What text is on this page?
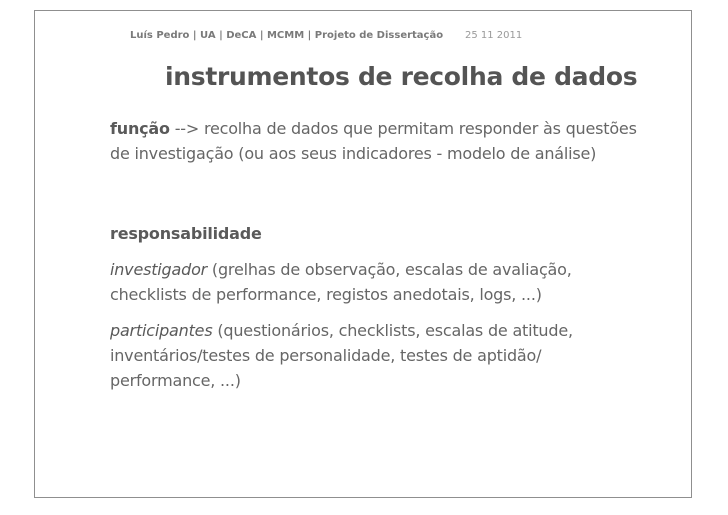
Luís Pedro | UA | DeCA | MCMM | Projeto de Dissertação 25 11 2011
instrumentos de recolha de dados

função --> recolha de dados que permitam responder às questões de investigação (ou aos seus indicadores - modelo de análise)

responsabilidade

investigador (grelhas de observação, escalas de avaliação, checklists de performance, registos anedotais, logs, ...)

participantes (questionários, checklists, escalas de atitude, inventários/testes de personalidade, testes de aptidão/ performance, ...)
